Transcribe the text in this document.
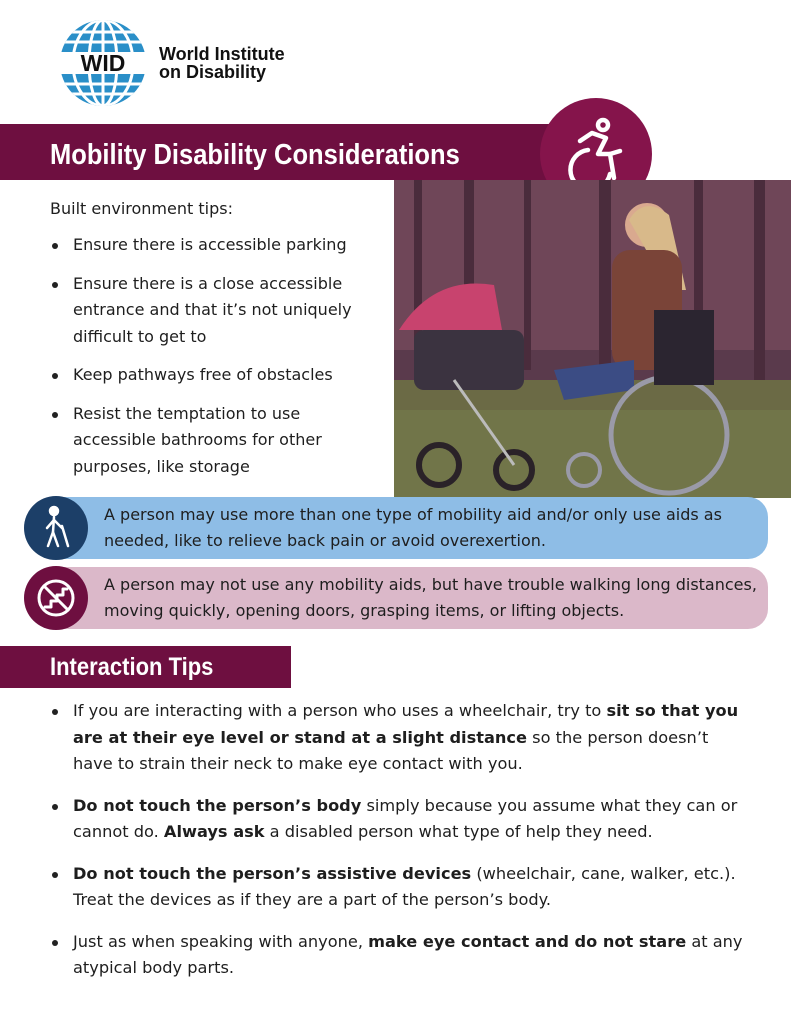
WID World Institute
on Disability
Mobility Disability Considerations
Built environment tips:
Ensure there is accessible parking
Ensure there is a close accessible entrance and that it’s not uniquely difficult to get to
Keep pathways free of obstacles
Resist the temptation to use accessible bathrooms for other purposes, like storage
A person may use more than one type of mobility aid and/or only use aids as needed, like to relieve back pain or avoid overexertion.
A person may not use any mobility aids, but have trouble walking long distances, moving quickly, opening doors, grasping items, or lifting objects.
Interaction Tips
If you are interacting with a person who uses a wheelchair, try to sit so that you are at their eye level or stand at a slight distance so the person doesn’t have to strain their neck to make eye contact with you.
Do not touch the person’s body simply because you assume what they can or cannot do. Always ask a disabled person what type of help they need.
Do not touch the person’s assistive devices (wheelchair, cane, walker, etc.). Treat the devices as if they are a part of the person’s body.
Just as when speaking with anyone, make eye contact and do not stare at any atypical body parts.
